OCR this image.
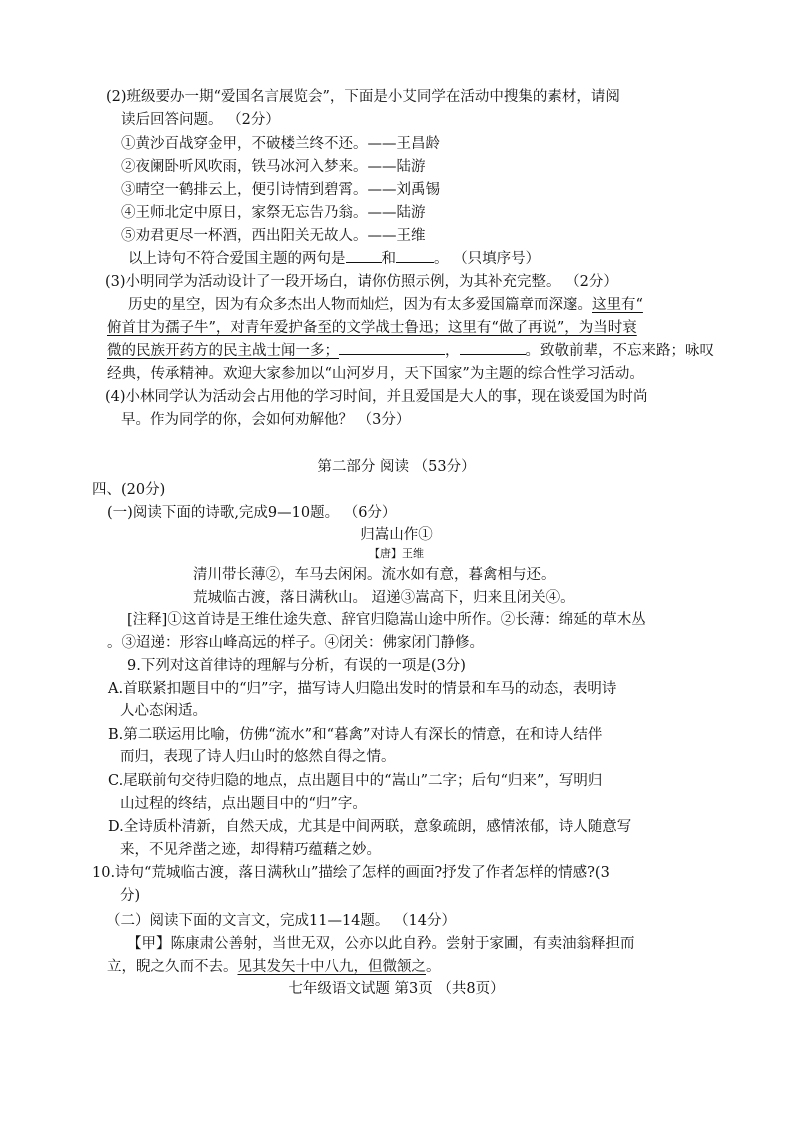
(2)班级要办一期“爱国名言展览会”，下面是小艾同学在活动中搜集的素材，请阅
读后回答问题。 （2分）
①黄沙百战穿金甲，不破楼兰终不还。——王昌龄
②夜阑卧听风吹雨，铁马冰河入梦来。——陆游
③晴空一鹤排云上，便引诗情到碧霄。——刘禹锡
④王师北定中原日，家祭无忘告乃翁。——陆游
⑤劝君更尽一杯酒，西出阳关无故人。——王维
以上诗句不符合爱国主题的两句是 和	。 （只填序号）
(3)小明同学为活动设计了一段开场白，请你仿照示例，为其补充完整。 （2分）
历史的星空，因为有众多杰出人物而灿烂，因为有太多爱国篇章而深邃。这里有“
俯首甘为孺子牛”，对青年爱护备至的文学战士鲁迅；这里有“做了再说”，为当时衰
微的民族开药方的民主战士闻一多；	，	。致敬前辈，不忘来路；咏叹
经典，传承精神。欢迎大家参加以“山河岁月，天下国家”为主题的综合性学习活动。
(4)小林同学认为活动会占用他的学习时间，并且爱国是大人的事，现在谈爱国为时尚
早。作为同学的你，会如何劝解他？ （3分）
第二部分 阅读 （53分）
四、(20分)
(一)阅读下面的诗歌,完成9—10题。 （6分）
归嵩山作①
【唐】王维
清川带长薄②，车马去闲闲。流水如有意，暮禽相与还。
荒城临古渡，落日满秋山。 迢递③嵩高下，归来且闭关④。
[注释]①这首诗是王维仕途失意、辞官归隐嵩山途中所作。②长薄：绵延的草木丛
。③迢递：形容山峰高远的样子。④闭关：佛家闭门静修。
9.下列对这首律诗的理解与分析，有误的一项是(3分)
A.首联紧扣题目中的“归”字，描写诗人归隐出发时的情景和车马的动态，表明诗
人心态闲适。
B.第二联运用比喻，仿佛“流水”和“暮禽”对诗人有深长的情意，在和诗人结伴
而归，表现了诗人归山时的悠然自得之情。
C.尾联前句交待归隐的地点，点出题目中的“嵩山”二字；后句“归来”，写明归
山过程的终结，点出题目中的“归”字。
D.全诗质朴清新，自然天成，尤其是中间两联，意象疏朗，感情浓郁，诗人随意写
来，不见斧凿之迹，却得精巧蕴藉之妙。
10.诗句“荒城临古渡，落日满秋山”描绘了怎样的画面?抒发了作者怎样的情感?(3
分)
（二）阅读下面的文言文，完成11—14题。 （14分）
【甲】陈康肃公善射，当世无双，公亦以此自矜。尝射于家圃，有卖油翁释担而
立，睨之久而不去。见其发矢十中八九，但微颔之。
七年级语文试题 第3页 （共8页）
